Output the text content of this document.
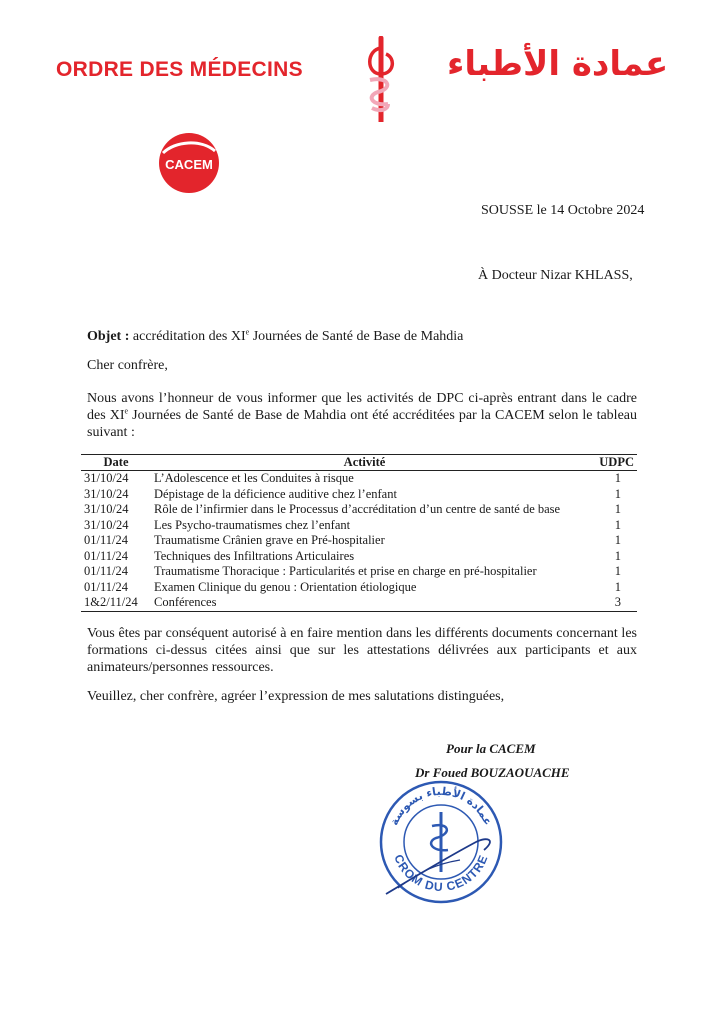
ORDRE DES MÉDECINS	عمادة الأطباء
CACEM
SOUSSE le 14 Octobre 2024
À Docteur Nizar KHLASS,
Objet : accréditation des XIe Journées de Santé de Base de Mahdia
Cher confrère,
Nous avons l’honneur de vous informer que les activités de DPC ci-après entrant dans le cadre des XIe Journées de Santé de Base de Mahdia ont été accréditées par la CACEM selon le tableau suivant :
Date	Activité	UDPC
31/10/24	L’Adolescence et les Conduites à risque	1
31/10/24	Dépistage de la déficience auditive chez l’enfant	1
31/10/24	Rôle de l’infirmier dans le Processus d’accréditation d’un centre de santé de base	1
31/10/24	Les Psycho-traumatismes chez l’enfant	1
01/11/24	Traumatisme Crânien grave en Pré-hospitalier	1
01/11/24	Techniques des Infiltrations Articulaires	1
01/11/24	Traumatisme Thoracique : Particularités et prise en charge en pré-hospitalier	1
01/11/24	Examen Clinique du genou : Orientation étiologique	1
1&2/11/24	Conférences	3
Vous êtes par conséquent autorisé à en faire mention dans les différents documents concernant les formations ci-dessus citées ainsi que sur les attestations délivrées aux participants et aux animateurs/personnes ressources.
Veuillez, cher confrère, agréer l’expression de mes salutations distinguées,
Pour la CACEM
Dr Foued BOUZAOUACHE
عمادة الأطباء بسوسة
CROM DU CENTRE
